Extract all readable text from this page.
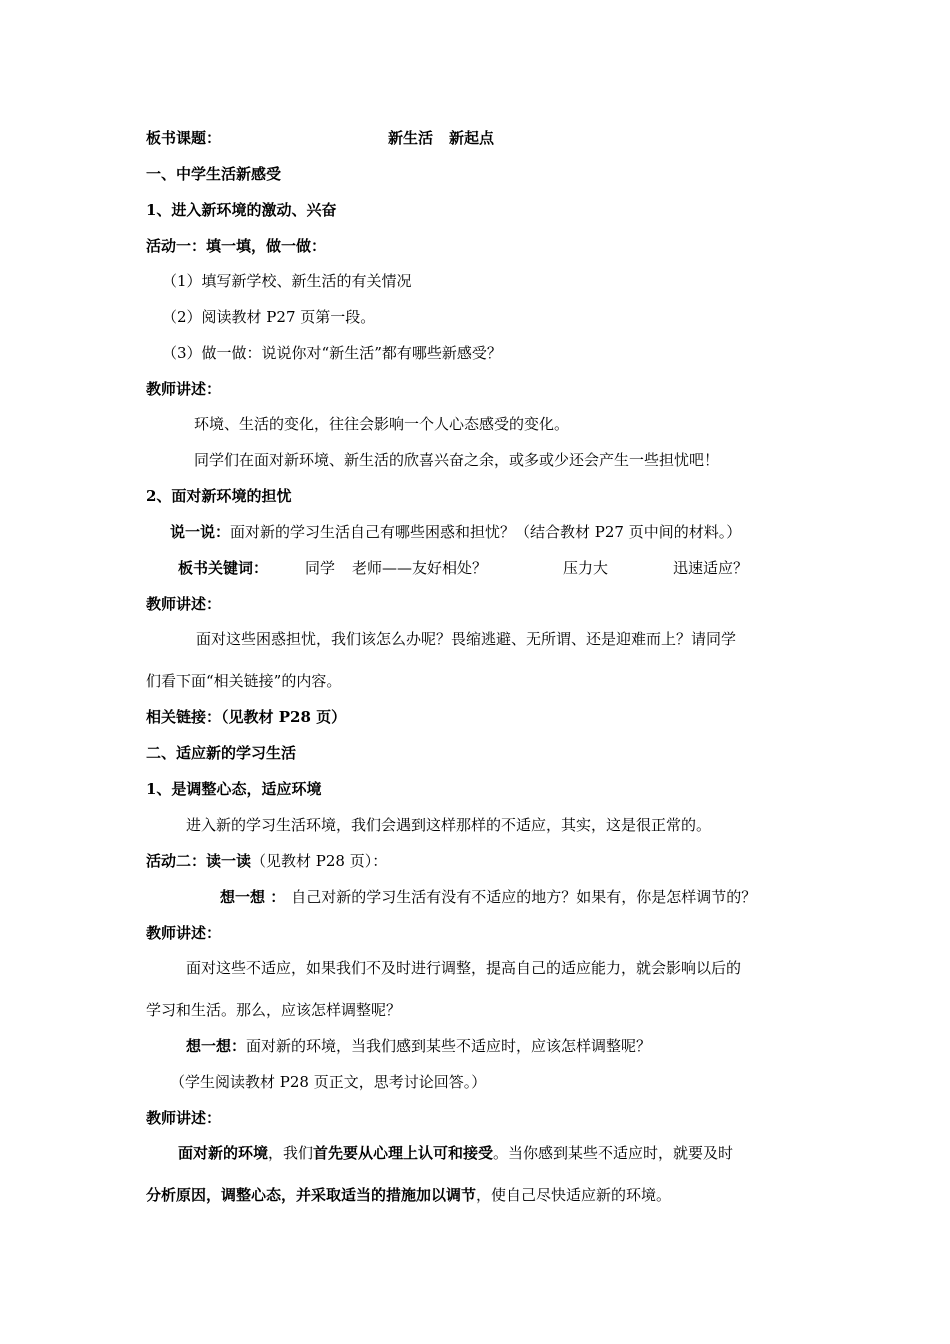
板书课题：	新生活 新起点
一、中学生活新感受
1、进入新环境的激动、兴奋
活动一：填一填，做一做：
（1）填写新学校、新生活的有关情况
（2）阅读教材 P27 页第一段。
（3）做一做：说说你对“新生活”都有哪些新感受？
教师讲述：
环境、生活的变化，往往会影响一个人心态感受的变化。
同学们在面对新环境、新生活的欣喜兴奋之余，或多或少还会产生一些担忧吧！
2、面对新环境的担忧
说一说：面对新的学习生活自己有哪些困惑和担忧？（结合教材 P27 页中间的材料。）
板书关键词： 同学 老师——友好相处？	压力大	迅速适应？
教师讲述：
面对这些困惑担忧，我们该怎么办呢？畏缩逃避、无所谓、还是迎难而上？请同学
们看下面“相关链接”的内容。
相关链接：（见教材 P28 页）
二、适应新的学习生活
1、是调整心态，适应环境
进入新的学习生活环境，我们会遇到这样那样的不适应，其实，这是很正常的。
活动二：读一读（见教材 P28 页）：
想一想 ： 自己对新的学习生活有没有不适应的地方？如果有，你是怎样调节的？
教师讲述：
面对这些不适应，如果我们不及时进行调整，提高自己的适应能力，就会影响以后的
学习和生活。那么，应该怎样调整呢？
想一想：面对新的环境，当我们感到某些不适应时，应该怎样调整呢？
（学生阅读教材 P28 页正文，思考讨论回答。）
教师讲述：
面对新的环境，我们首先要从心理上认可和接受。当你感到某些不适应时，就要及时
分析原因，调整心态，并采取适当的措施加以调节，使自己尽快适应新的环境。
